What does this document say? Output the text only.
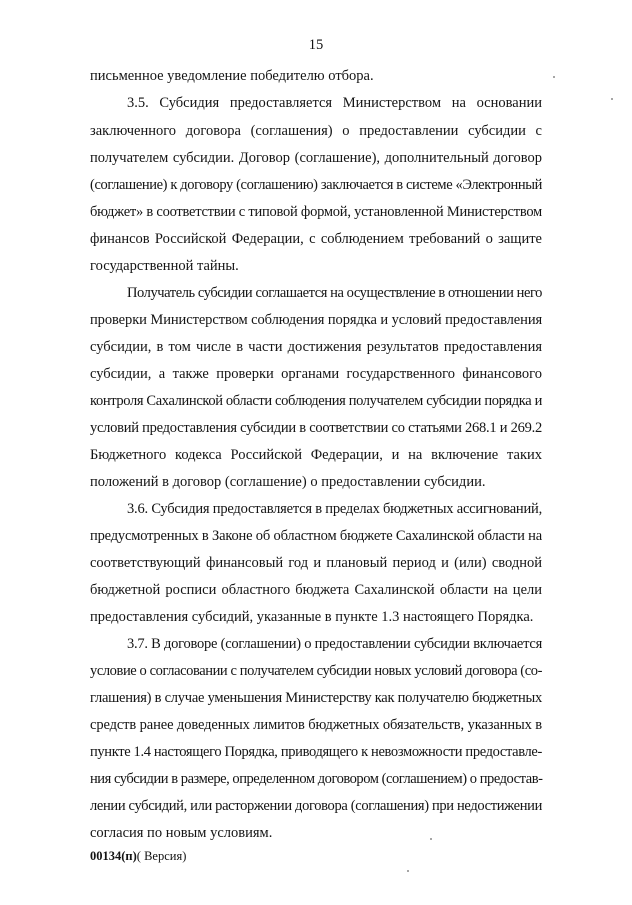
15
письменное уведомление победителю отбора.
3.5. Субсидия предоставляется Министерством на основании
заключенного договора (соглашения) о предоставлении субсидии с
получателем субсидии. Договор (соглашение), дополнительный договор
(соглашение) к договору (соглашению) заключается в системе «Электронный
бюджет» в соответствии с типовой формой, установленной Министерством
финансов Российской Федерации, с соблюдением требований о защите
государственной тайны.
Получатель субсидии соглашается на осуществление в отношении него
проверки Министерством соблюдения порядка и условий предоставления
субсидии, в том числе в части достижения результатов предоставления
субсидии, а также проверки органами государственного финансового
контроля Сахалинской области соблюдения получателем субсидии порядка и
условий предоставления субсидии в соответствии со статьями 268.1 и 269.2
Бюджетного кодекса Российской Федерации, и на включение таких
положений в договор (соглашение) о предоставлении субсидии.
3.6. Субсидия предоставляется в пределах бюджетных ассигнований,
предусмотренных в Законе об областном бюджете Сахалинской области на
соответствующий финансовый год и плановый период и (или) сводной
бюджетной росписи областного бюджета Сахалинской области на цели
предоставления субсидий, указанные в пункте 1.3 настоящего Порядка.
3.7. В договоре (соглашении) о предоставлении субсидии включается
условие о согласовании с получателем субсидии новых условий договора (со-
глашения) в случае уменьшения Министерству как получателю бюджетных
средств ранее доведенных лимитов бюджетных обязательств, указанных в
пункте 1.4 настоящего Порядка, приводящего к невозможности предоставле-
ния субсидии в размере, определенном договором (соглашением) о предостав-
лении субсидий, или расторжении договора (соглашения) при недостижении
согласия по новым условиям.
00134(п)( Версия)
